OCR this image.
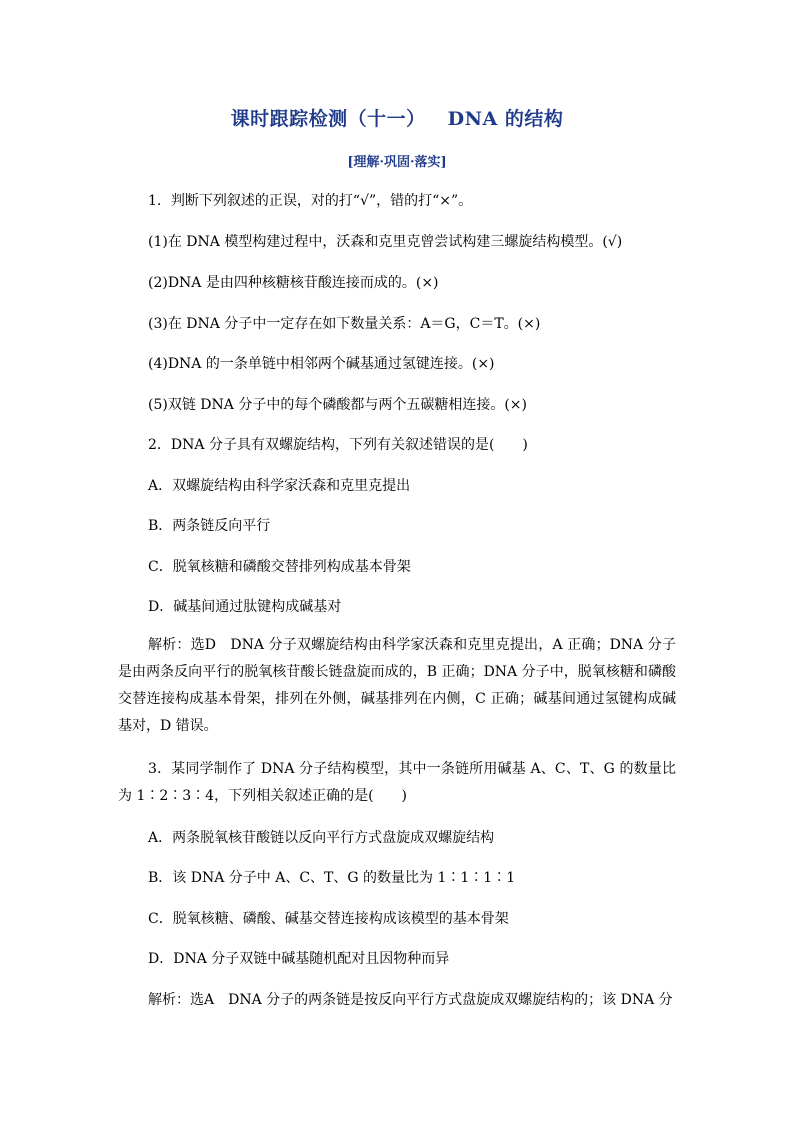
课时跟踪检测（十一） DNA 的结构
[理解·巩固·落实]
1．判断下列叙述的正误，对的打“√”，错的打“×”。
(1)在 DNA 模型构建过程中，沃森和克里克曾尝试构建三螺旋结构模型。(√)
(2)DNA 是由四种核糖核苷酸连接而成的。(×)
(3)在 DNA 分子中一定存在如下数量关系：A＝G，C＝T。(×)
(4)DNA 的一条单链中相邻两个碱基通过氢键连接。(×)
(5)双链 DNA 分子中的每个磷酸都与两个五碳糖相连接。(×)
2．DNA 分子具有双螺旋结构，下列有关叙述错误的是(　　)
A．双螺旋结构由科学家沃森和克里克提出
B．两条链反向平行
C．脱氧核糖和磷酸交替排列构成基本骨架
D．碱基间通过肽键构成碱基对
解析：选D　DNA 分子双螺旋结构由科学家沃森和克里克提出，A 正确；DNA 分子是由两条反向平行的脱氧核苷酸长链盘旋而成的，B 正确；DNA 分子中，脱氧核糖和磷酸交替连接构成基本骨架，排列在外侧，碱基排列在内侧，C 正确；碱基间通过氢键构成碱基对，D 错误。
3．某同学制作了 DNA 分子结构模型，其中一条链所用碱基 A、C、T、G 的数量比为 1∶2∶3∶4，下列相关叙述正确的是(　　)
A．两条脱氧核苷酸链以反向平行方式盘旋成双螺旋结构
B．该 DNA 分子中 A、C、T、G 的数量比为 1∶1∶1∶1
C．脱氧核糖、磷酸、碱基交替连接构成该模型的基本骨架
D．DNA 分子双链中碱基随机配对且因物种而异
解析：选A　DNA 分子的两条链是按反向平行方式盘旋成双螺旋结构的；该 DNA 分
